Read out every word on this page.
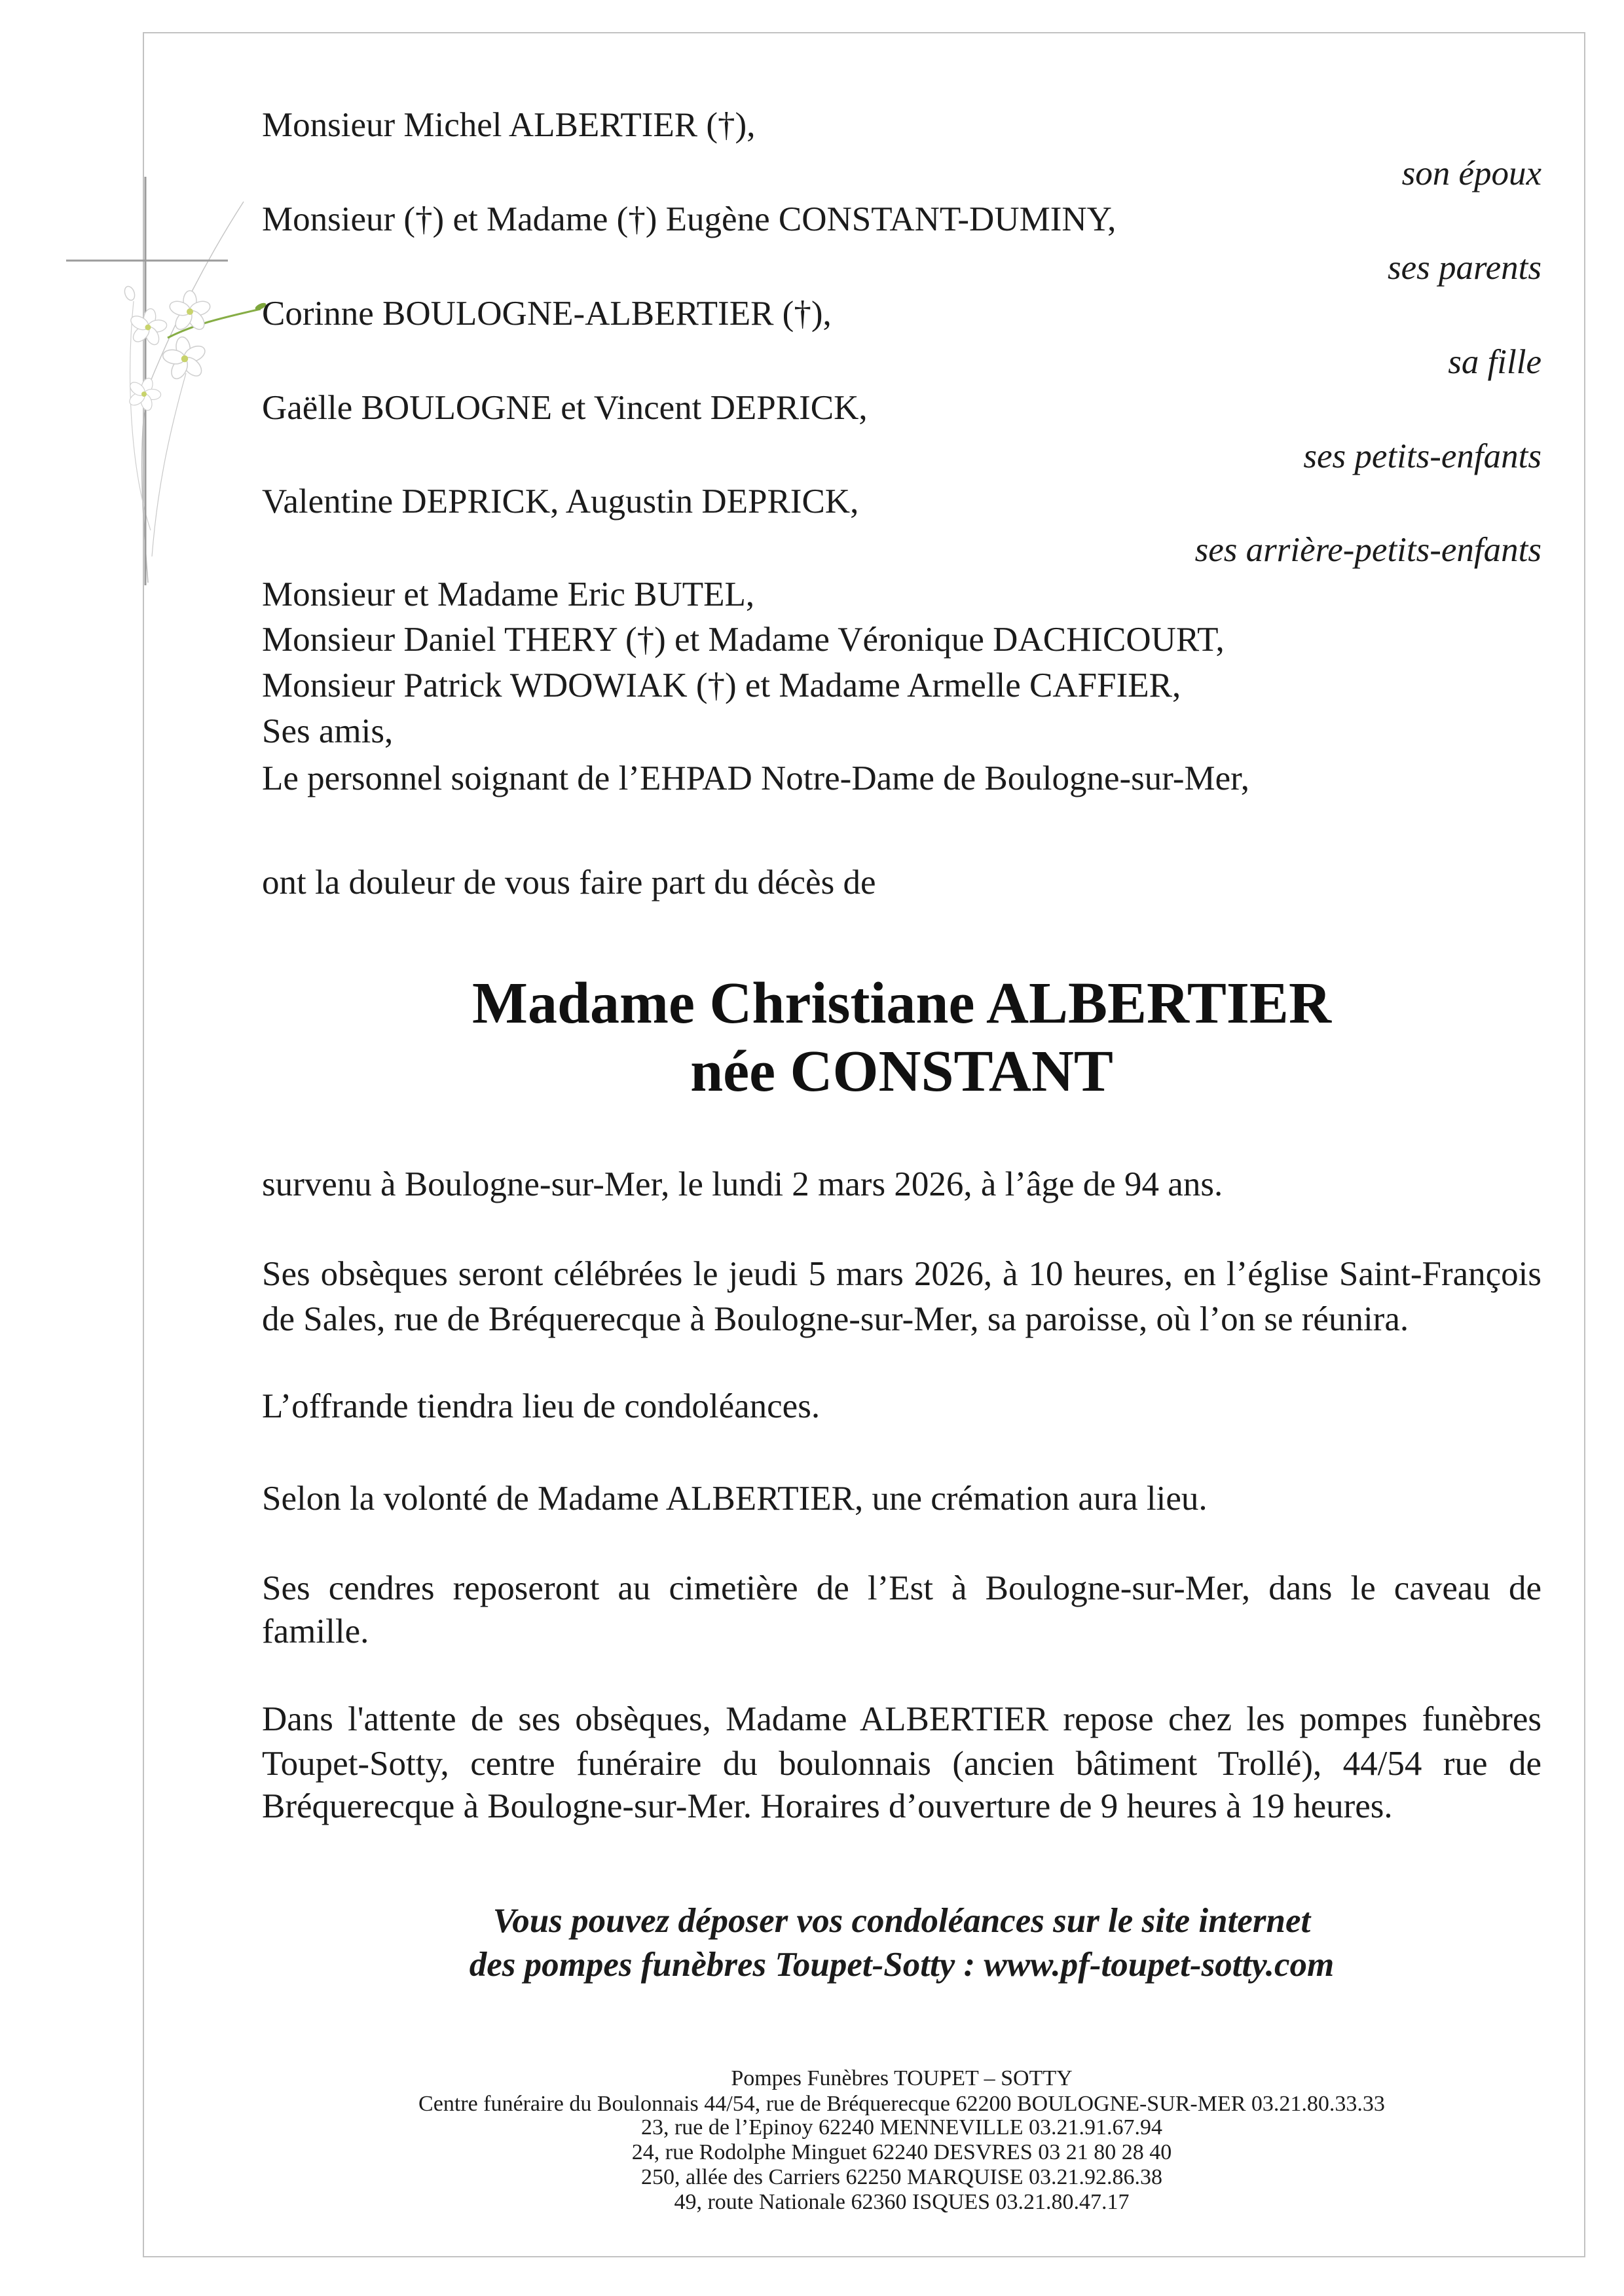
Monsieur Michel ALBERTIER (†),
son époux
Monsieur (†) et Madame (†) Eugène CONSTANT-DUMINY,
ses parents
Corinne BOULOGNE-ALBERTIER (†),
sa fille
Gaëlle BOULOGNE et Vincent DEPRICK,
ses petits-enfants
Valentine DEPRICK, Augustin DEPRICK,
ses arrière-petits-enfants
Monsieur et Madame Eric BUTEL,
Monsieur Daniel THERY (†) et Madame Véronique DACHICOURT,
Monsieur Patrick WDOWIAK (†) et Madame Armelle CAFFIER,
Ses amis,
Le personnel soignant de l’EHPAD Notre-Dame de Boulogne-sur-Mer,
ont la douleur de vous faire part du décès de
Madame Christiane ALBERTIER
née CONSTANT
survenu à Boulogne-sur-Mer, le lundi 2 mars 2026, à l’âge de 94 ans.
Ses obsèques seront célébrées le jeudi 5 mars 2026, à 10 heures, en l’église Saint-François
de Sales, rue de Bréquerecque à Boulogne-sur-Mer, sa paroisse, où l’on se réunira.
L’offrande tiendra lieu de condoléances.
Selon la volonté de Madame ALBERTIER, une crémation aura lieu.
Ses cendres reposeront au cimetière de l’Est à Boulogne-sur-Mer, dans le caveau de
famille.
Dans l'attente de ses obsèques, Madame ALBERTIER repose chez les pompes funèbres
Toupet-Sotty, centre funéraire du boulonnais (ancien bâtiment Trollé), 44/54 rue de
Bréquerecque à Boulogne-sur-Mer. Horaires d’ouverture de 9 heures à 19 heures.
Vous pouvez déposer vos condoléances sur le site internet
des pompes funèbres Toupet-Sotty : www.pf-toupet-sotty.com
Pompes Funèbres TOUPET – SOTTY
Centre funéraire du Boulonnais 44/54, rue de Bréquerecque 62200 BOULOGNE-SUR-MER 03.21.80.33.33
23, rue de l’Epinoy 62240 MENNEVILLE 03.21.91.67.94
24, rue Rodolphe Minguet 62240 DESVRES 03 21 80 28 40
250, allée des Carriers 62250 MARQUISE 03.21.92.86.38
49, route Nationale 62360 ISQUES 03.21.80.47.17
